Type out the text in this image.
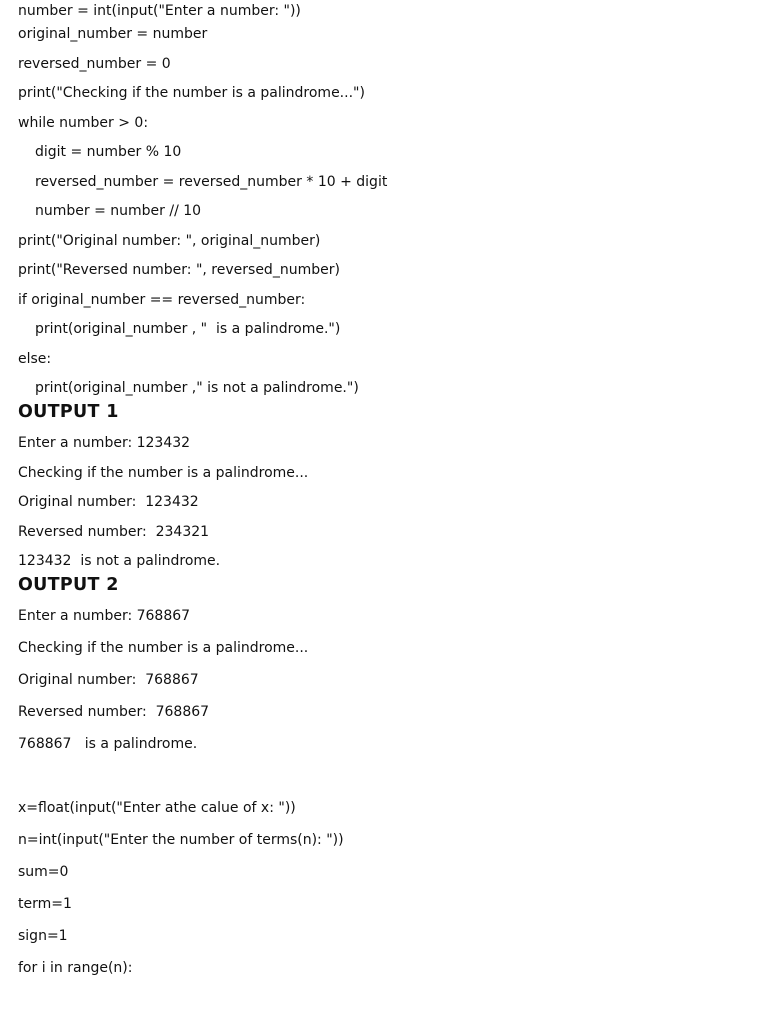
number = int(input("Enter a number: "))
original_number = number
reversed_number = 0
print("Checking if the number is a palindrome...")
while number > 0:
digit = number % 10
reversed_number = reversed_number * 10 + digit
number = number // 10
print("Original number: ", original_number)
print("Reversed number: ", reversed_number)
if original_number == reversed_number:
print(original_number , "  is a palindrome.")
else:
print(original_number ," is not a palindrome.")
OUTPUT 1
Enter a number: 123432
Checking if the number is a palindrome...
Original number:  123432
Reversed number:  234321
123432  is not a palindrome.
OUTPUT 2
Enter a number: 768867
Checking if the number is a palindrome...
Original number:  768867
Reversed number:  768867
768867   is a palindrome.
x=float(input("Enter athe calue of x: "))
n=int(input("Enter the number of terms(n): "))
sum=0
term=1
sign=1
for i in range(n):
